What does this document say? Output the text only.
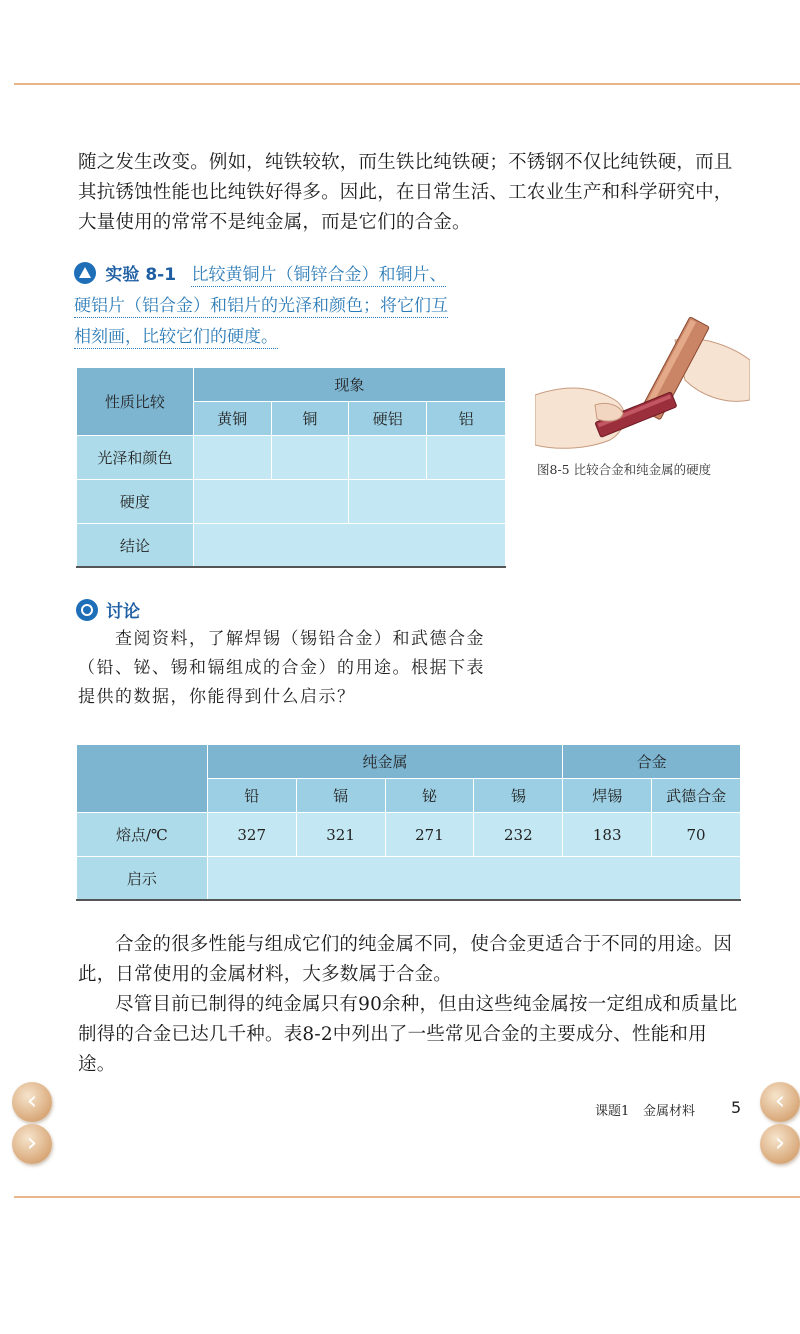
随之发生改变。例如，纯铁较软，而生铁比纯铁硬；不锈钢不仅比纯铁硬，而且其抗锈蚀性能也比纯铁好得多。因此，在日常生活、工农业生产和科学研究中，大量使用的常常不是纯金属，而是它们的合金。

实验 8-1 比较黄铜片（铜锌合金）和铜片、
硬铝片（铝合金）和铝片的光泽和颜色；将它们互
相刻画，比较它们的硬度。
性质比较	现象			
	黄铜	铜	硬铝	铝
光泽和颜色				
硬度				
结论				
图8-5 比较合金和纯金属的硬度
讨论

查阅资料，了解焊锡（锡铅合金）和武德合金

（铅、铋、锡和镉组成的合金）的用途。根据下表

提供的数据，你能得到什么启示？

	纯金属				合金	
	铅	镉	铋	锡	焊锡	武德合金
熔点/℃	327	321	271	232	183	70
启示						

合金的很多性能与组成它们的纯金属不同，使合金更适合于不同的用途。因此，日常使用的金属材料，大多数属于合金。

尽管目前已制得的纯金属只有90余种，但由这些纯金属按一定组成和质量比制得的合金已达几千种。表8-2中列出了一些常见合金的主要成分、性能和用途。

课题1 金属材料 5
‹
›
‹
›
